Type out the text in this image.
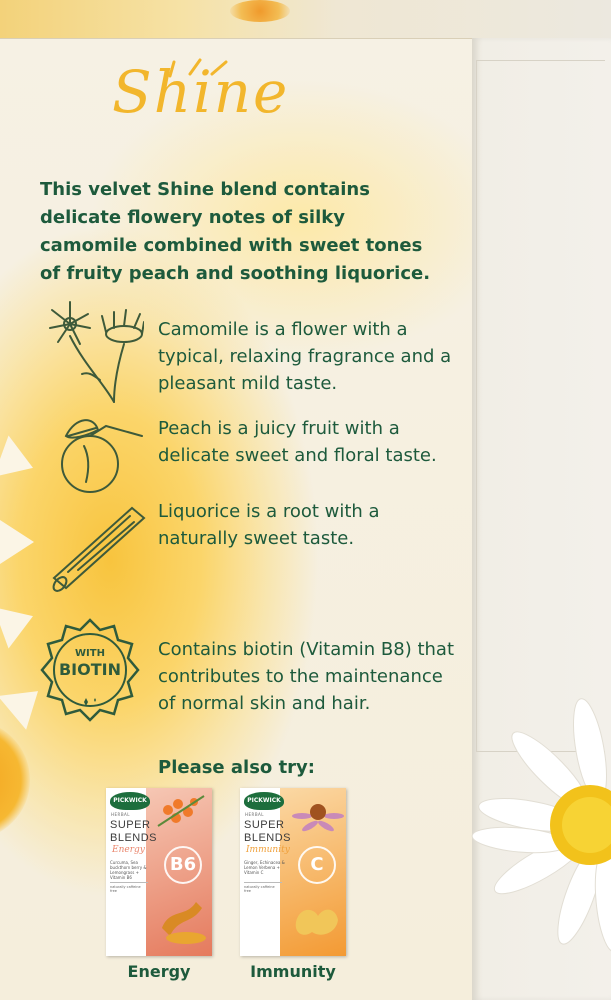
Shine
This velvet Shine blend contains delicate flowery notes of silky camomile combined with sweet tones of fruity peach and soothing liquorice.
Camomile is a flower with a typical, relaxing fragrance and a pleasant mild taste.
Peach is a juicy fruit with a delicate sweet and floral taste.
Liquorice is a root with a naturally sweet taste.
WITH
BIOTIN
Contains biotin (Vitamin B8) that contributes to the maintenance of normal skin and hair.
Please also try:
PICKWICK
HERBAL
SUPER
BLENDS
Energy
Curcuma, Sea buckthorn berry & Lemongrass + Vitamin B6
naturally caffeine free
B6
Energy
PICKWICK
HERBAL
SUPER
BLENDS
Immunity
Ginger, Echinacea & Lemon Verbena + Vitamin C
naturally caffeine free
C
Immunity
